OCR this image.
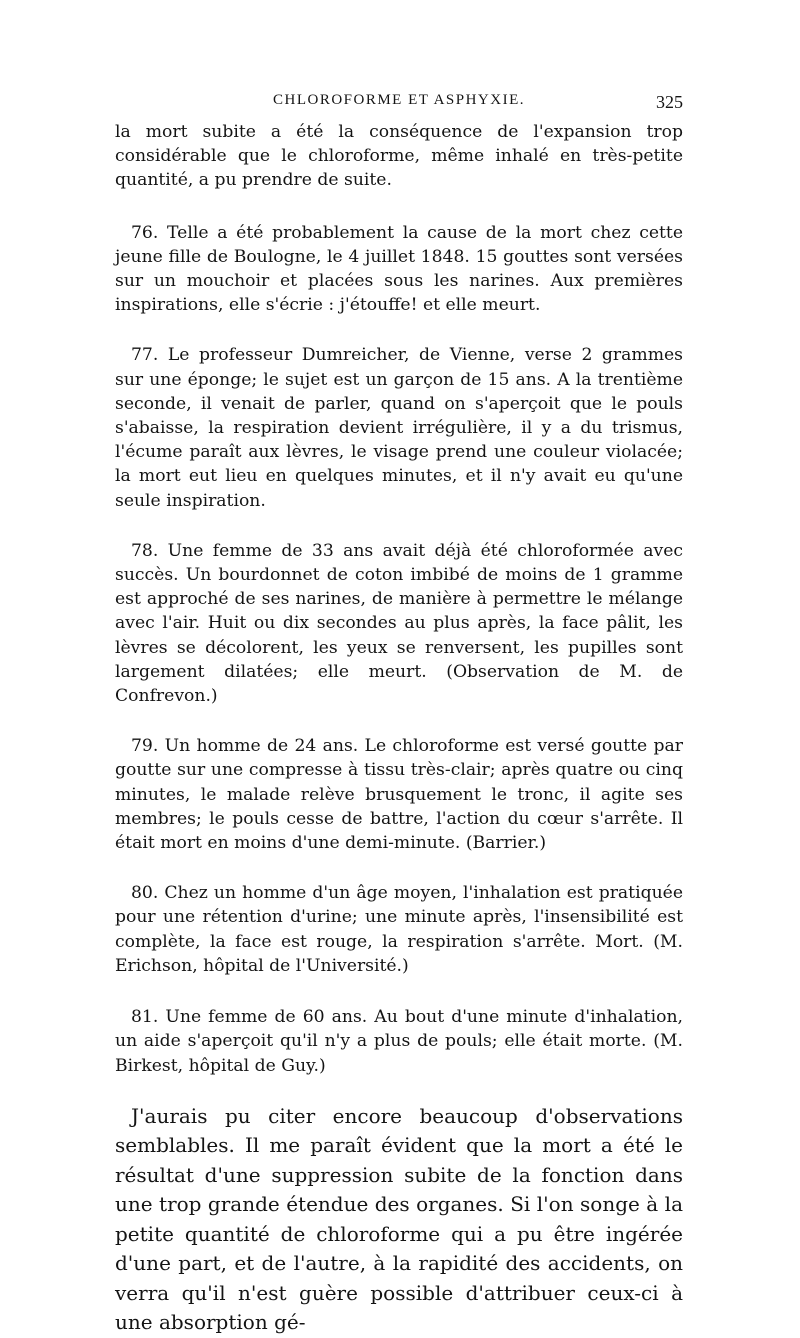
CHLOROFORME ET ASPHYXIE.	325

la mort subite a été la conséquence de l'expansion trop considérable que le chloroforme, même inhalé en très-petite quantité, a pu prendre de suite.

76. Telle a été probablement la cause de la mort chez cette jeune fille de Boulogne, le 4 juillet 1848. 15 gouttes sont versées sur un mouchoir et placées sous les narines. Aux premières inspirations, elle s'écrie : j'étouffe! et elle meurt.

77. Le professeur Dumreicher, de Vienne, verse 2 grammes sur une éponge; le sujet est un garçon de 15 ans. A la trentième seconde, il venait de parler, quand on s'aperçoit que le pouls s'abaisse, la respiration devient irrégulière, il y a du trismus, l'écume paraît aux lèvres, le visage prend une couleur violacée; la mort eut lieu en quelques minutes, et il n'y avait eu qu'une seule inspiration.

78. Une femme de 33 ans avait déjà été chloroformée avec succès. Un bourdonnet de coton imbibé de moins de 1 gramme est approché de ses narines, de manière à permettre le mélange avec l'air. Huit ou dix secondes au plus après, la face pâlit, les lèvres se décolorent, les yeux se renversent, les pupilles sont largement dilatées; elle meurt. (Observation de M. de Confrevon.)

79. Un homme de 24 ans. Le chloroforme est versé goutte par goutte sur une compresse à tissu très-clair; après quatre ou cinq minutes, le malade relève brusquement le tronc, il agite ses membres; le pouls cesse de battre, l'action du cœur s'arrête. Il était mort en moins d'une demi-minute. (Barrier.)

80. Chez un homme d'un âge moyen, l'inhalation est pratiquée pour une rétention d'urine; une minute après, l'insensibilité est complète, la face est rouge, la respiration s'arrête. Mort. (M. Erichson, hôpital de l'Université.)

81. Une femme de 60 ans. Au bout d'une minute d'inhalation, un aide s'aperçoit qu'il n'y a plus de pouls; elle était morte. (M. Birkest, hôpital de Guy.)

J'aurais pu citer encore beaucoup d'observations semblables. Il me paraît évident que la mort a été le résultat d'une suppression subite de la fonction dans une trop grande étendue des organes. Si l'on songe à la petite quantité de chloroforme qui a pu être ingérée d'une part, et de l'autre, à la rapidité des accidents, on verra qu'il n'est guère possible d'attribuer ceux-ci à une absorption gé-
